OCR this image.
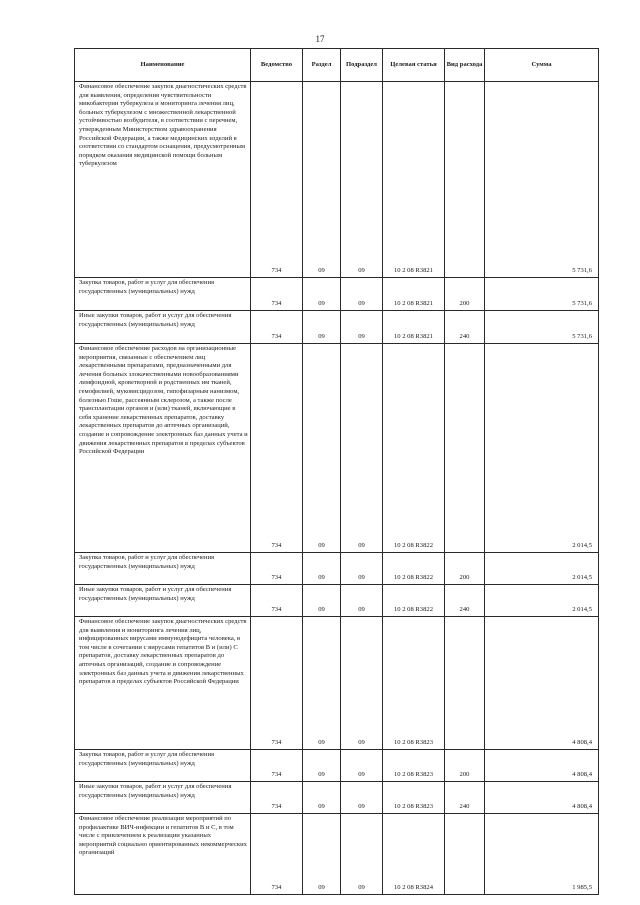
17
Наименование	Ведомство	Раздел	Подраздел	Целевая статья	Вид расхода	Сумма
Финансовое обеспечение закупок диагностических средств для выявления, определения чувствительности микобактерии туберкулеза и мониторинга лечения лиц, больных туберкулезом с множественной лекарственной устойчивостью возбудителя, в соответствии с перечнем, утвержденным Министерством здравоохранения Российской Федерации, а также медицинских изделий в соответствии со стандартом оснащения, предусмотренным порядком оказания медицинской помощи больным туберкулезом	734	09	09	10 2 08 R3821		5 731,6
Закупка товаров, работ и услуг для обеспечения государственных (муниципальных) нужд	734	09	09	10 2 08 R3821	200	5 731,6
Иные закупки товаров, работ и услуг для обеспечения государственных (муниципальных) нужд	734	09	09	10 2 08 R3821	240	5 731,6
Финансовое обеспечение расходов на организационные мероприятия, связанные с обеспечением лиц лекарственными препаратами, предназначенными для лечения больных злокачественными новообразованиями лимфоидной, кроветворной и родственных им тканей, гемофилией, муковисцидозом, гипофизарным нанизмом, болезнью Гоше, рассеянным склерозом, а также после трансплантации органов и (или) тканей, включающие в себя хранение лекарственных препаратов, доставку лекарственных препаратов до аптечных организаций, создание и сопровождение электронных баз данных учета и движения лекарственных препаратов в пределах субъектов Российской Федерации	734	09	09	10 2 08 R3822		2 014,5
Закупка товаров, работ и услуг для обеспечения государственных (муниципальных) нужд	734	09	09	10 2 08 R3822	200	2 014,5
Иные закупки товаров, работ и услуг для обеспечения государственных (муниципальных) нужд	734	09	09	10 2 08 R3822	240	2 014,5
Финансовое обеспечение закупок диагностических средств для выявления и мониторинга лечения лиц, инфицированных вирусами иммунодефицита человека, в том числе в сочетании с вирусами гепатитов В и (или) С препаратов, доставку лекарственных препаратов до аптечных организаций, создание и сопровождение электронных баз данных учета и движения лекарственных препаратов в пределах субъектов Российской Федерации	734	09	09	10 2 08 R3823		4 808,4
Закупка товаров, работ и услуг для обеспечения государственных (муниципальных) нужд	734	09	09	10 2 08 R3823	200	4 808,4
Иные закупки товаров, работ и услуг для обеспечения государственных (муниципальных) нужд	734	09	09	10 2 08 R3823	240	4 808,4
Финансовое обеспечение реализации мероприятий по профилактике ВИЧ-инфекции и гепатитов В и С, в том числе с привлечением к реализации указанных мероприятий социально ориентированных некоммерческих организаций	734	09	09	10 2 08 R3824		1 985,5
